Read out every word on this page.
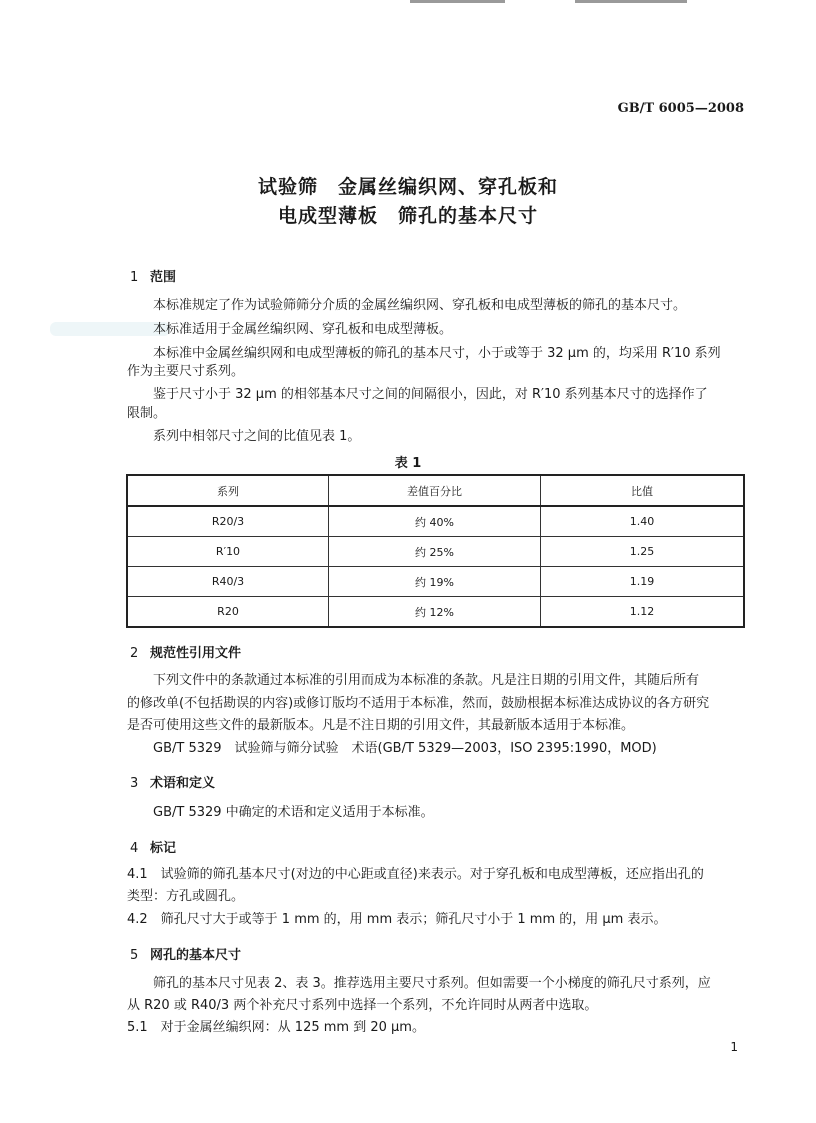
GB/T 6005—2008
试验筛　金属丝编织网、穿孔板和
电成型薄板　筛孔的基本尺寸
1 范围
本标准规定了作为试验筛筛分介质的金属丝编织网、穿孔板和电成型薄板的筛孔的基本尺寸。
本标准适用于金属丝编织网、穿孔板和电成型薄板。
本标准中金属丝编织网和电成型薄板的筛孔的基本尺寸，小于或等于 32 μm 的，均采用 R′10 系列
作为主要尺寸系列。
鉴于尺寸小于 32 μm 的相邻基本尺寸之间的间隔很小，因此，对 R′10 系列基本尺寸的选择作了
限制。
系列中相邻尺寸之间的比值见表 1。
表 1
系列	差值百分比	比值
R20/3	约 40%	1.40
R′10	约 25%	1.25
R40/3	约 19%	1.19
R20	约 12%	1.12
2 规范性引用文件
下列文件中的条款通过本标准的引用而成为本标准的条款。凡是注日期的引用文件，其随后所有
的修改单(不包括勘误的内容)或修订版均不适用于本标准，然而，鼓励根据本标准达成协议的各方研究
是否可使用这些文件的最新版本。凡是不注日期的引用文件，其最新版本适用于本标准。
GB/T 5329　试验筛与筛分试验　术语(GB/T 5329—2003，ISO 2395:1990，MOD)
3 术语和定义
GB/T 5329 中确定的术语和定义适用于本标准。
4 标记
4.1　试验筛的筛孔基本尺寸(对边的中心距或直径)来表示。对于穿孔板和电成型薄板，还应指出孔的
类型：方孔或圆孔。
4.2　筛孔尺寸大于或等于 1 mm 的，用 mm 表示；筛孔尺寸小于 1 mm 的，用 μm 表示。
5 网孔的基本尺寸
筛孔的基本尺寸见表 2、表 3。推荐选用主要尺寸系列。但如需要一个小梯度的筛孔尺寸系列，应
从 R20 或 R40/3 两个补充尺寸系列中选择一个系列，不允许同时从两者中选取。
5.1　对于金属丝编织网：从 125 mm 到 20 μm。
1
